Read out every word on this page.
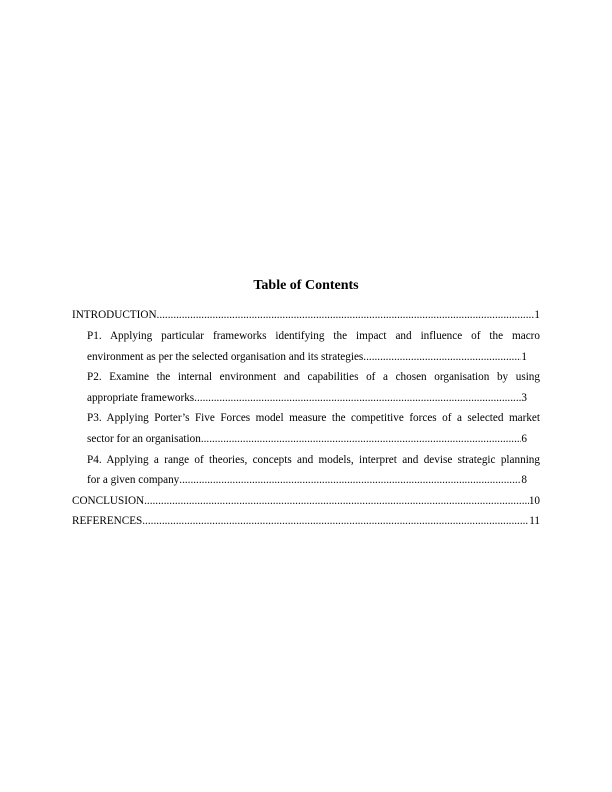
Table of Contents
INTRODUCTION .....	1
P1. Applying particular frameworks identifying the impact and influence of the macro
environment as per the selected organisation and its strategies. .....	1
P2. Examine the internal environment and capabilities of a chosen organisation by using
appropriate frameworks .....	3
P3. Applying Porter’s Five Forces model measure the competitive forces of a selected market
sector for an organisation .....	6
P4. Applying a range of theories, concepts and models, interpret and devise strategic planning
for a given company .....	8
CONCLUSION .....	10
REFERENCES .....	11
